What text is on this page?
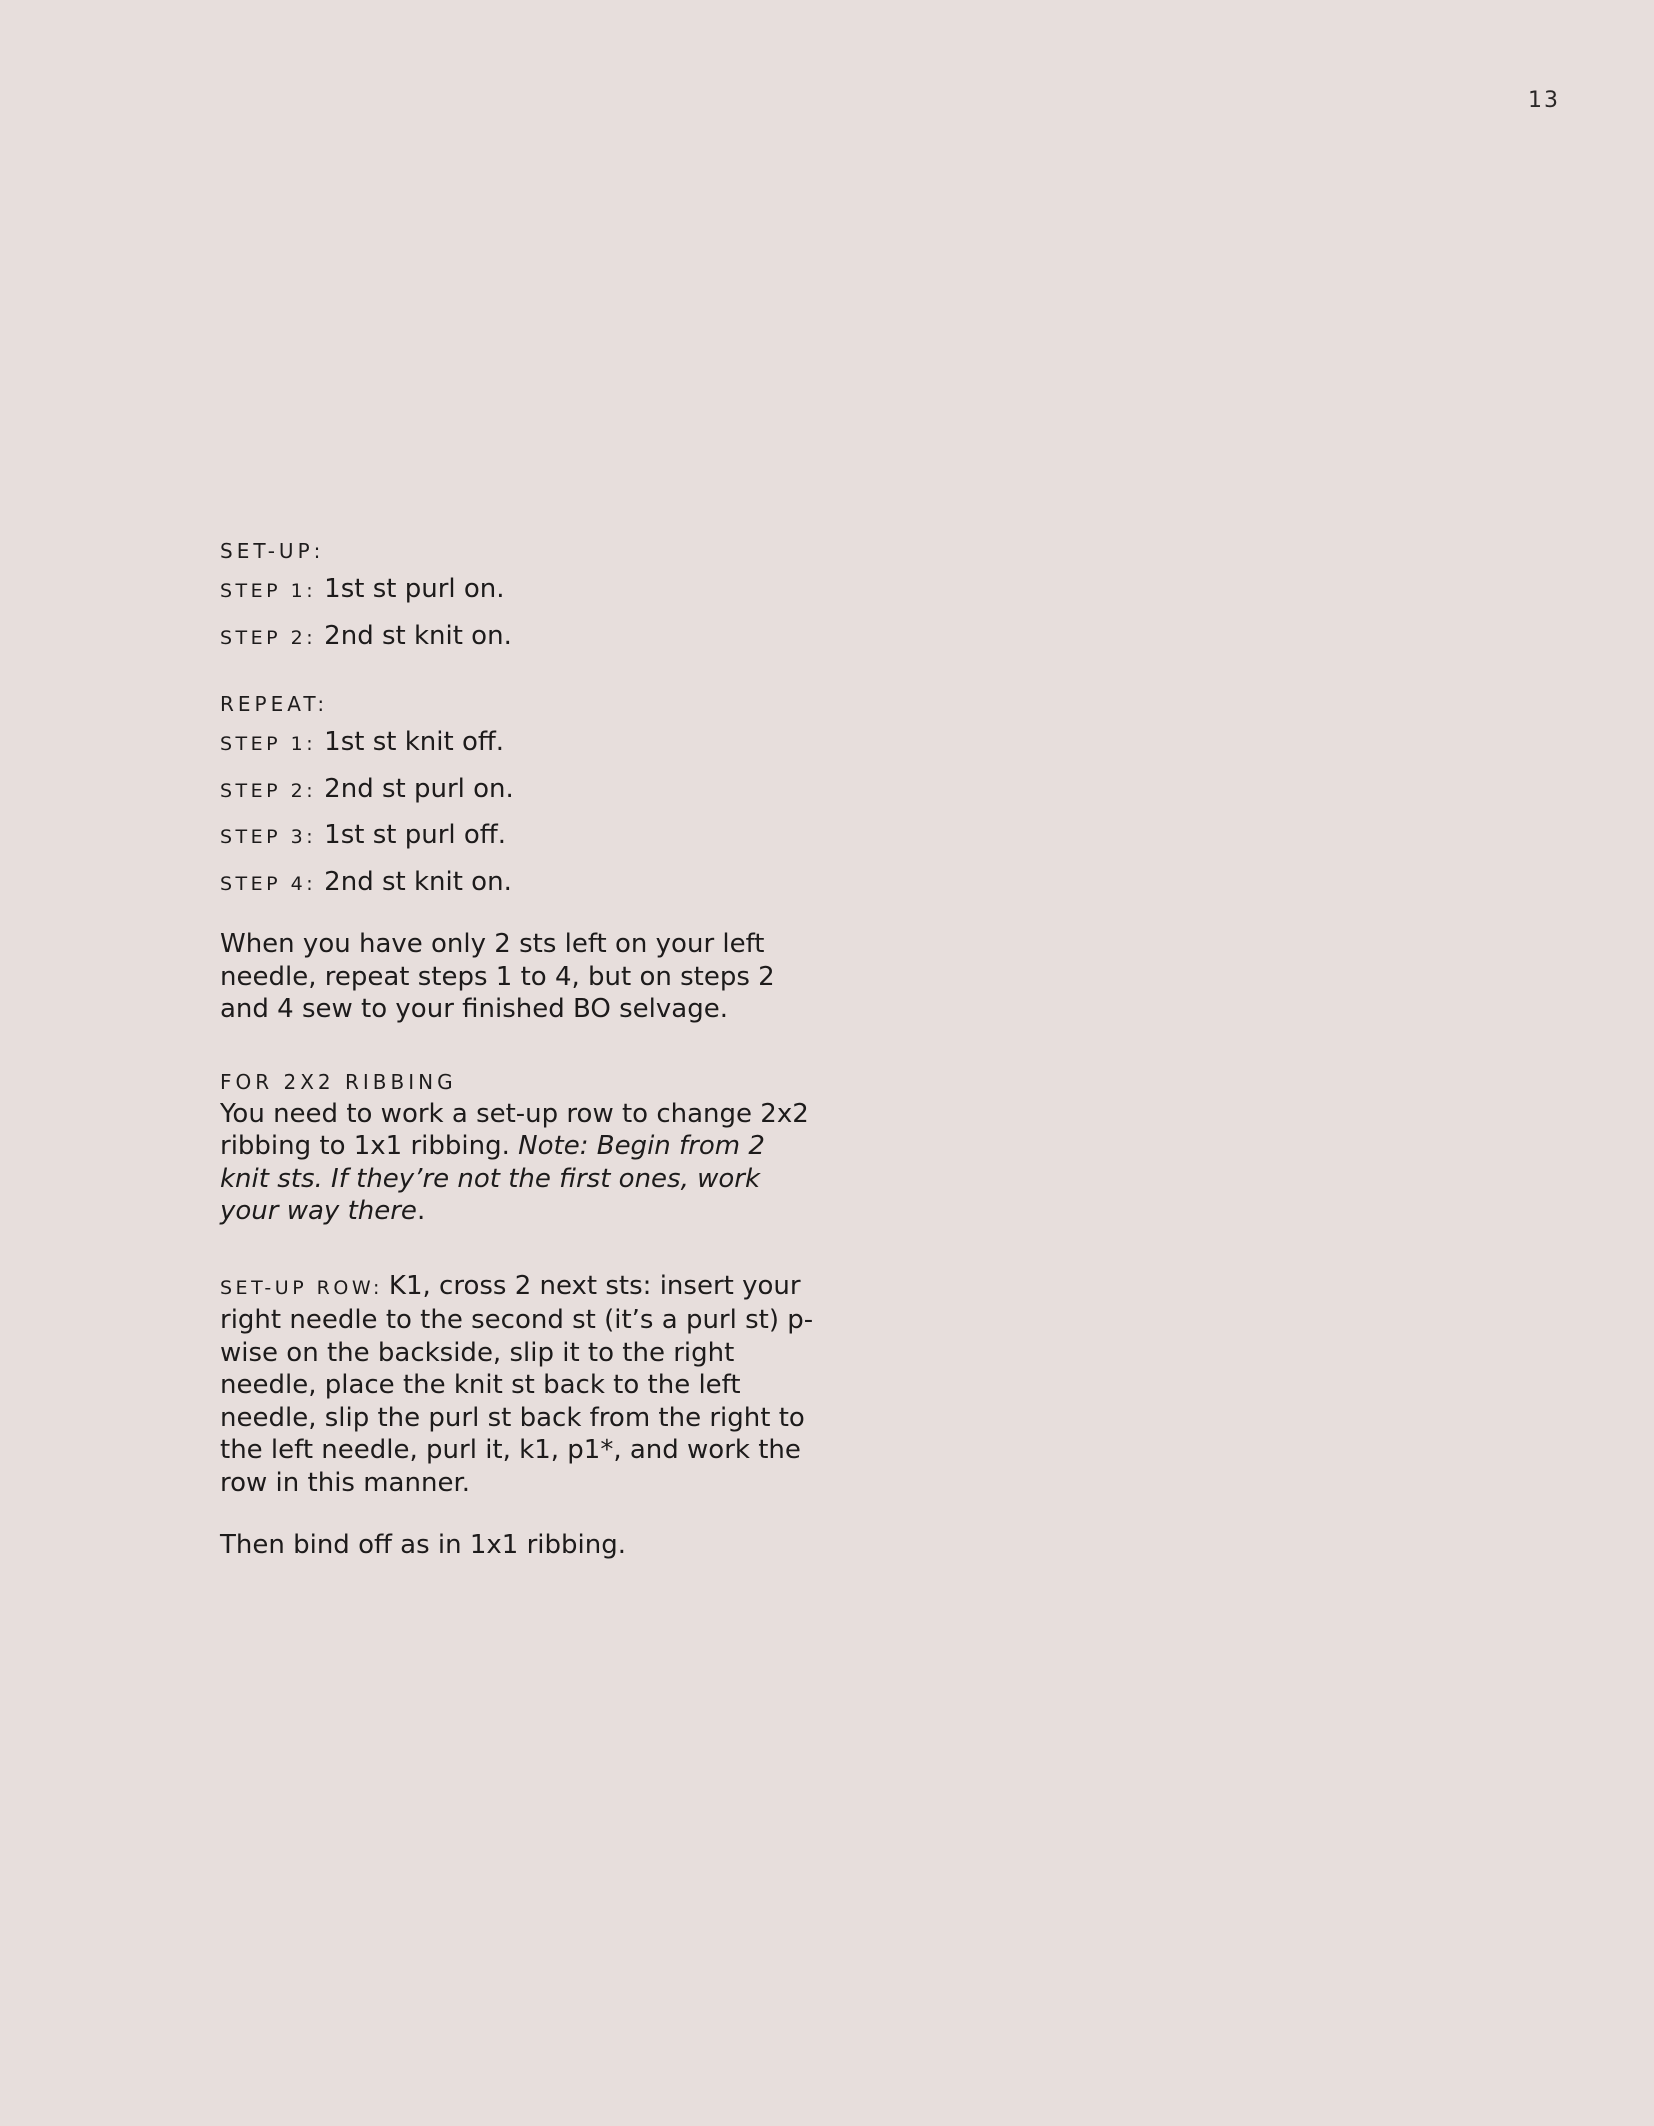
13

SET-UP:

STEP 1: 1st st purl on.

STEP 2: 2nd st knit on.

REPEAT:

STEP 1: 1st st knit off.

STEP 2: 2nd st purl on.

STEP 3: 1st st purl off.

STEP 4: 2nd st knit on.

When you have only 2 sts left on your left needle, repeat steps 1 to 4, but on steps 2 and 4 sew to your finished BO selvage.

FOR 2X2 RIBBING

You need to work a set-up row to change 2x2 ribbing to 1x1 ribbing. Note: Begin from 2 knit sts. If they’re not the first ones, work your way there.

SET-UP ROW: K1, cross 2 next sts: insert your right needle to the second st (it’s a purl st) p-wise on the backside, slip it to the right needle, place the knit st back to the left needle, slip the purl st back from the right to the left needle, purl it, k1, p1*, and work the row in this manner.

Then bind off as in 1x1 ribbing.
